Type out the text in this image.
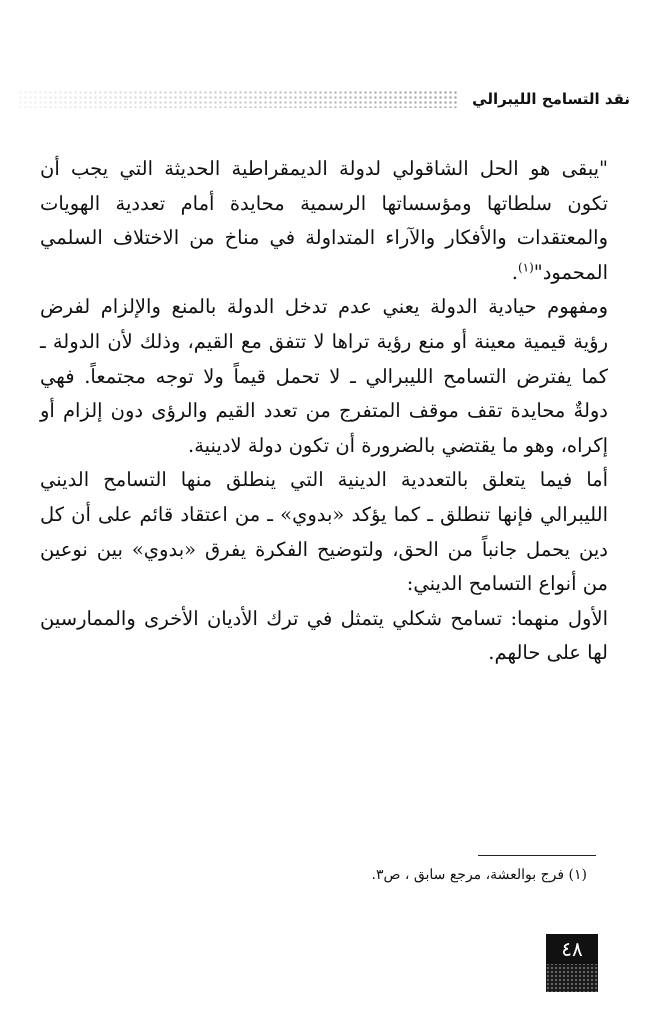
نقد التسامح الليبرالي

"يبقى هو الحل الشاقولي لدولة الديمقراطية الحديثة التي يجب أن تكون سلطاتها ومؤسساتها الرسمية محايدة أمام تعددية الهويات والمعتقدات والأفكار والآراء المتداولة في مناخ من الاختلاف السلمي المحمود"$^{(١)}$.

ومفهوم حيادية الدولة يعني عدم تدخل الدولة بالمنع والإلزام لفرض رؤية قيمية معينة أو منع رؤية تراها لا تتفق مع القيم، وذلك لأن الدولة ـ كما يفترض التسامح الليبرالي ـ لا تحمل قيماً ولا توجه مجتمعاً. فهي دولةٌ محايدة تقف موقف المتفرج من تعدد القيم والرؤى دون إلزام أو إكراه، وهو ما يقتضي بالضرورة أن تكون دولة لادينية.

أما فيما يتعلق بالتعددية الدينية التي ينطلق منها التسامح الديني الليبرالي فإنها تنطلق ـ كما يؤكد «بدوي» ـ من اعتقاد قائم على أن كل دين يحمل جانباً من الحق، ولتوضيح الفكرة يفرق «بدوي» بين نوعين من أنواع التسامح الديني:

الأول منهما: تسامح شكلي يتمثل في ترك الأديان الأخرى والممارسين لها على حالهم.

(١) فرج بوالعشة، مرجع سابق ، ص٣.
٤٨
